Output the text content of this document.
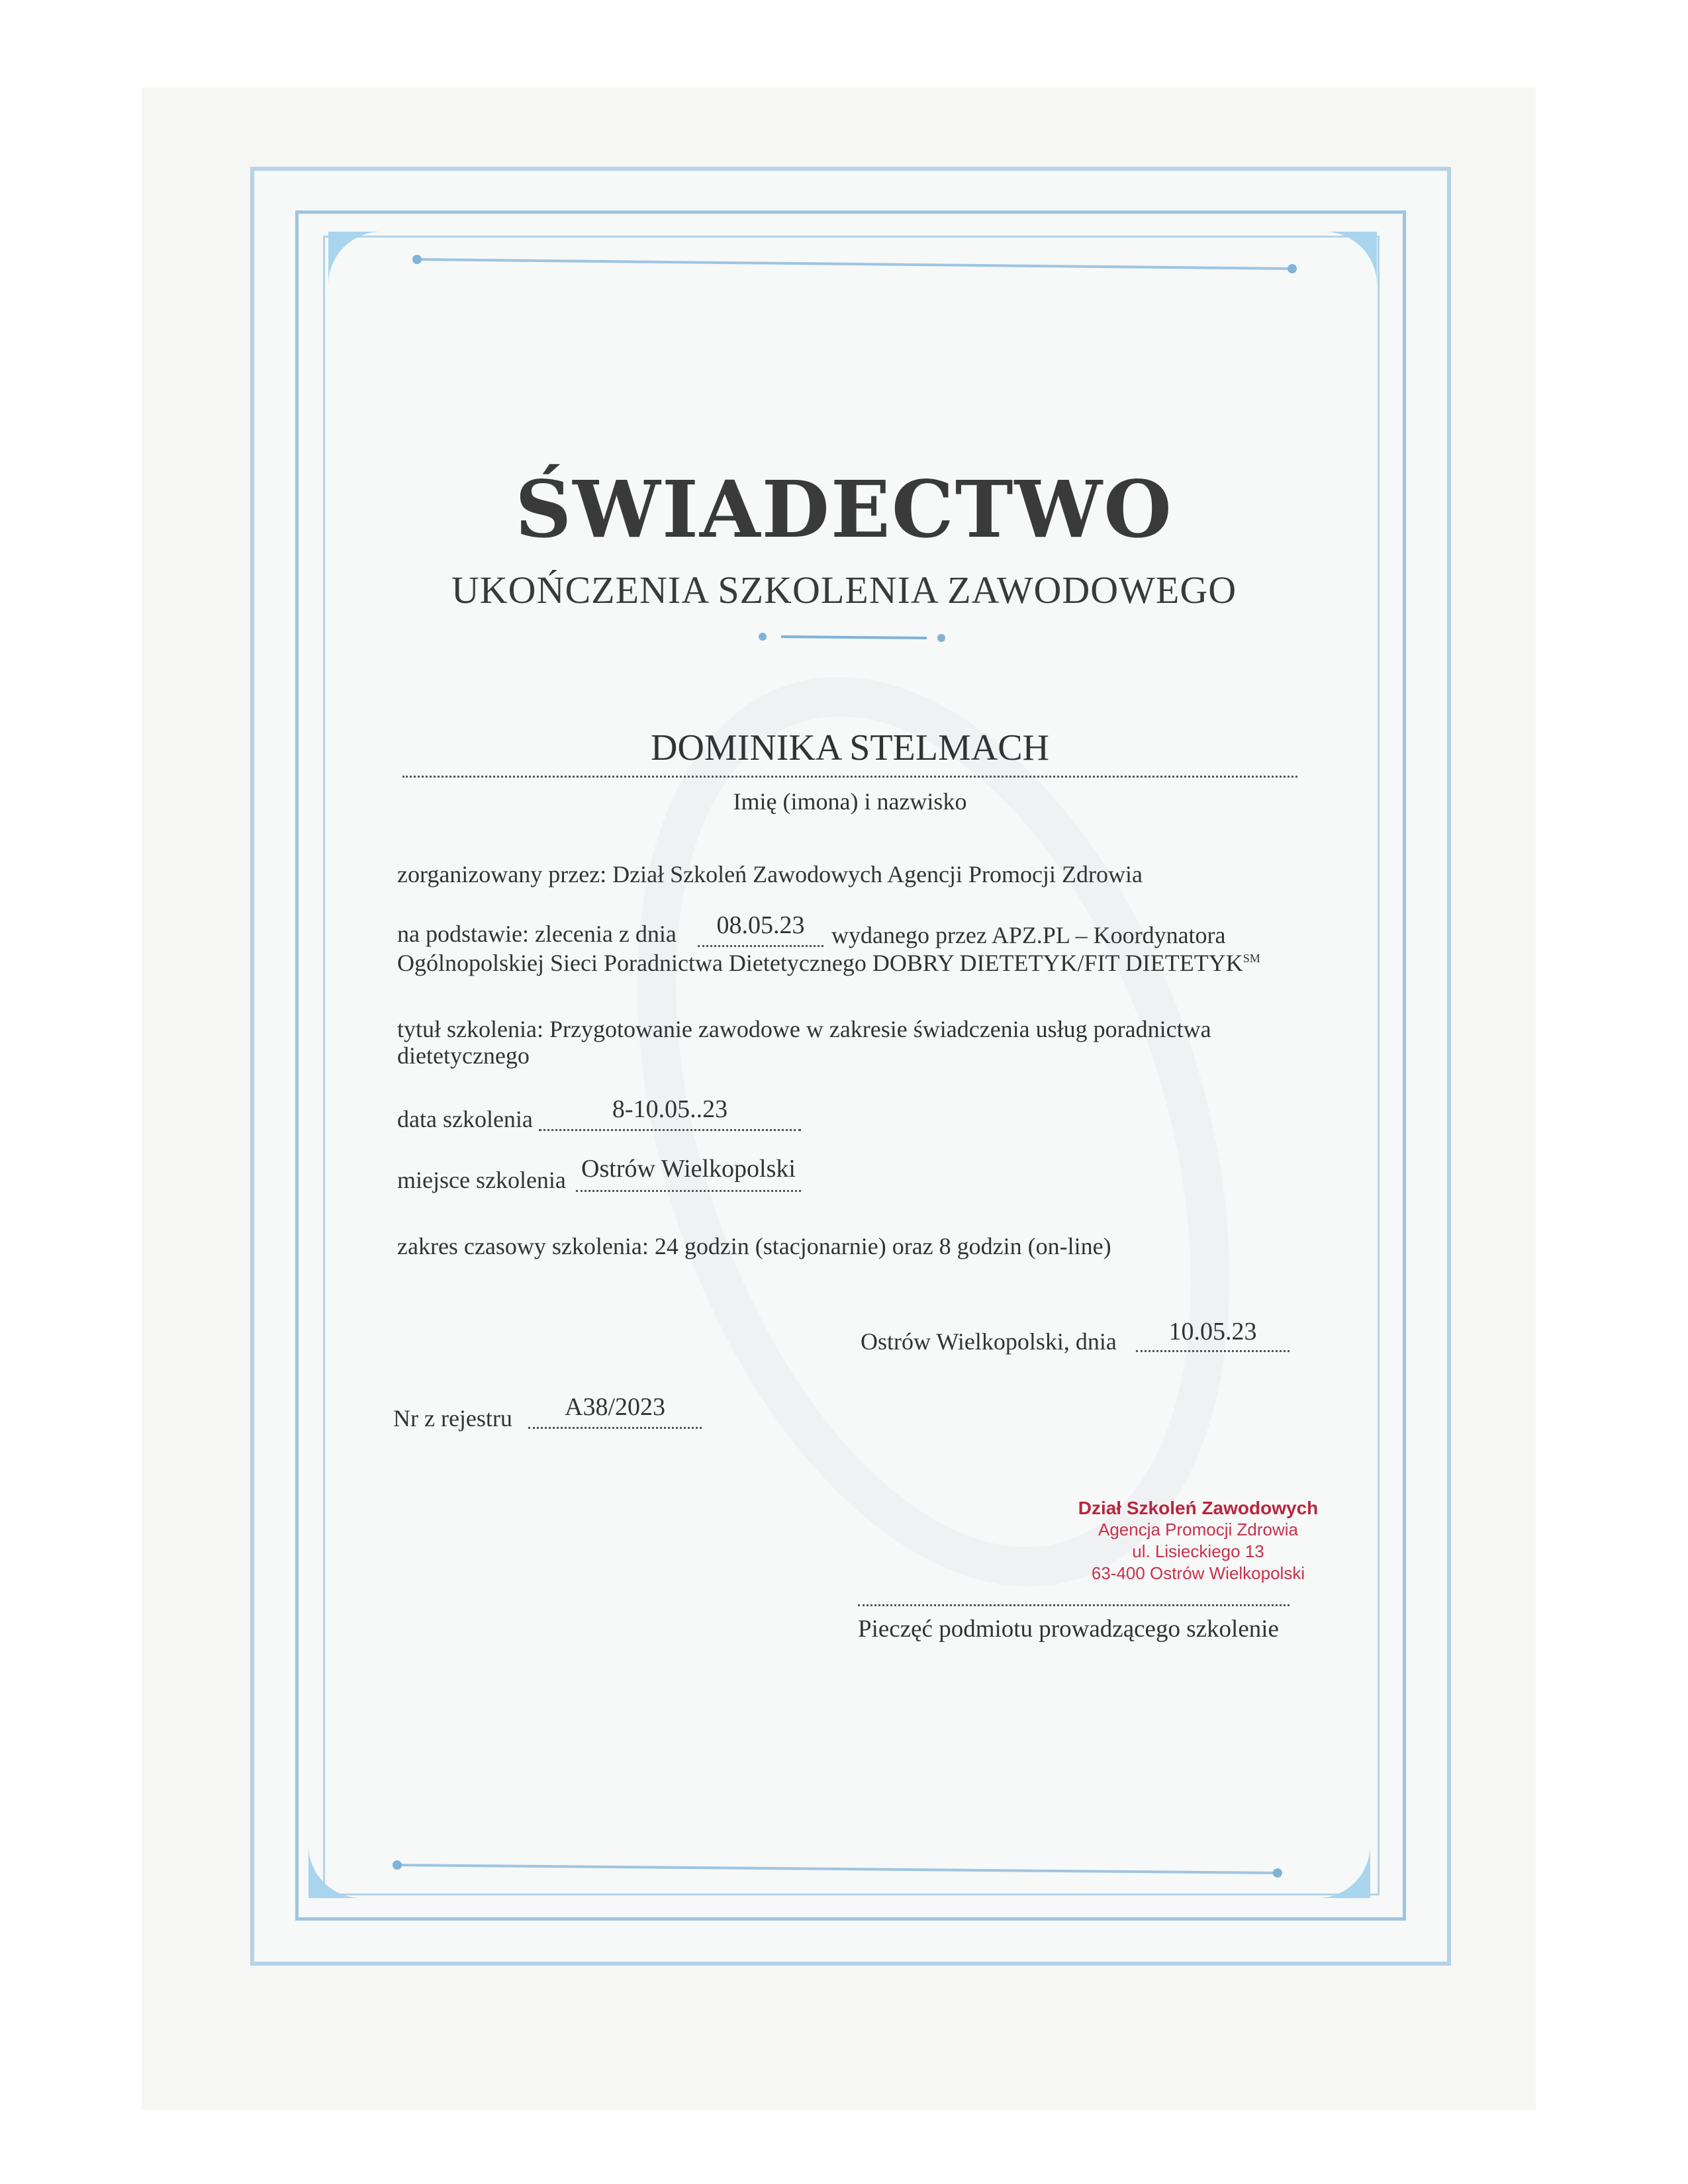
ŚWIADECTWO
UKOŃCZENIA SZKOLENIA ZAWODOWEGO
DOMINIKA STELMACH
Imię (imona) i nazwisko
zorganizowany przez: Dział Szkoleń Zawodowych Agencji Promocji Zdrowia
na podstawie: zlecenia z dnia	08.05.23	wydanego przez APZ.PL – Koordynatora
Ogólnopolskiej Sieci Poradnictwa Dietetycznego DOBRY DIETETYK/FIT DIETETYK℠
tytuł szkolenia: Przygotowanie zawodowe w zakresie świadczenia usług poradnictwa
dietetycznego
data szkolenia	8-10.05..23
miejsce szkolenia Ostrów Wielkopolski
zakres czasowy szkolenia: 24 godzin (stacjonarnie) oraz 8 godzin (on-line)
Ostrów Wielkopolski, dnia	10.05.23
Nr z rejestru	A38/2023
Dział Szkoleń Zawodowych
Agencja Promocji Zdrowia
ul. Lisieckiego 13
63-400 Ostrów Wielkopolski
Pieczęć podmiotu prowadzącego szkolenie
